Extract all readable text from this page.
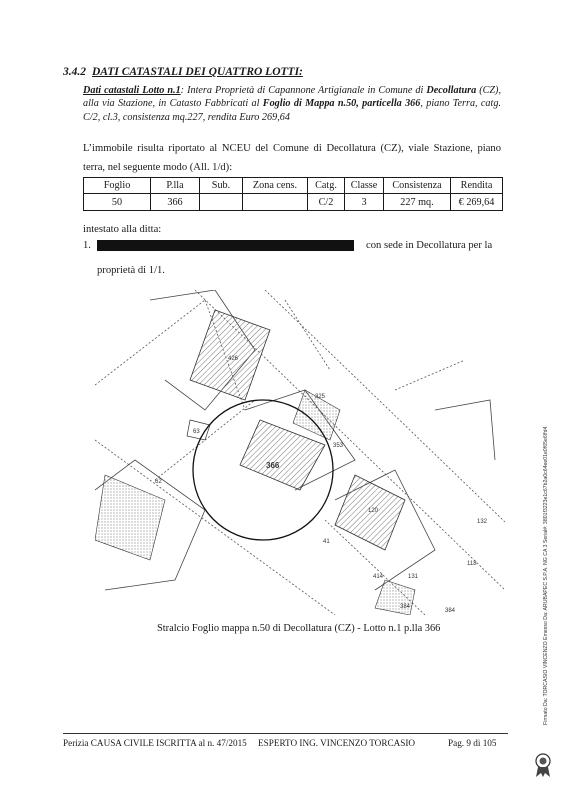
3.4.2 DATI CATASTALI DEI QUATTRO LOTTI:
Dati catastali Lotto n.1: Intera Proprietà di Capannone Artigianale in Comune di Decollatura (CZ), alla via Stazione, in Catasto Fabbricati al Foglio di Mappa n.50, particella 366, piano Terra, catg. C/2, cl.3, consistenza mq.227, rendita Euro 269,64
L’immobile risulta riportato al NCEU del Comune di Decollatura (CZ), viale Stazione, piano terra, nel seguente modo (All. 1/d):
Foglio	P.lla	Sub.	Zona cens.	Catg.	Classe	Consistenza	Rendita
50	366			C/2	3	227 mq.	€ 269,64
intestato alla ditta:
1.	con sede in Decollatura per la
proprietà di 1/1.
366
353
325
62
120
414
41
131
132
384
118
426
63
384
Stralcio Foglio mappa n.50 di Decollatura (CZ) - Lotto n.1 p.lla 366
Perizia CAUSA CIVILE ISCRITTA al n. 47/2015 ESPERTO ING. VINCENZO TORCASIO	Pag. 9 di 105
Firmato Da: TORCASIO VINCENZO Emesso Da: ARUBAPEC S.P.A. NG CA 3 Serial#: 3801f3223e1c67b2a0c64ee01e0f65e6ffd4
